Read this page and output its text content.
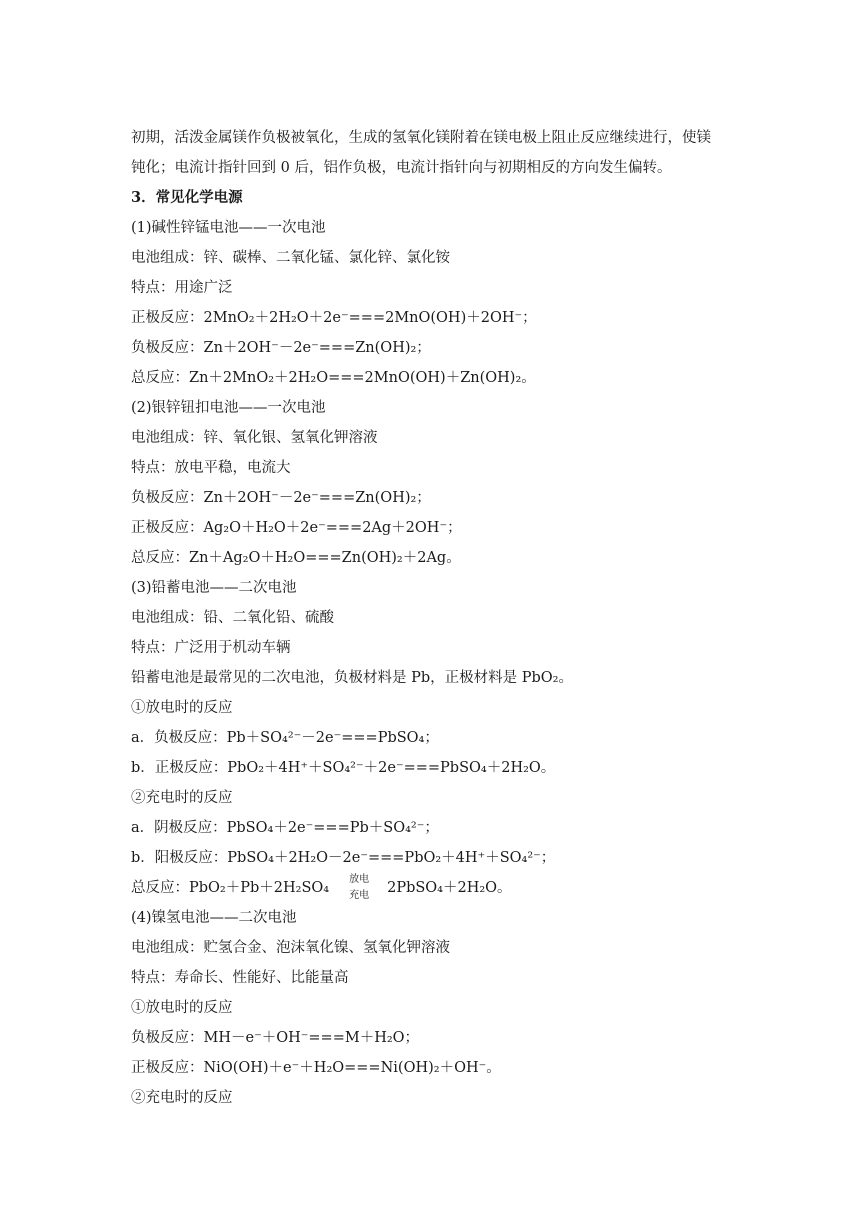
初期，活泼金属镁作负极被氧化，生成的氢氧化镁附着在镁电极上阻止反应继续进行，使镁
钝化；电流计指针回到 0 后，铝作负极，电流计指针向与初期相反的方向发生偏转。
3．常见化学电源
(1)碱性锌锰电池——一次电池
电池组成：锌、碳棒、二氧化锰、氯化锌、氯化铵
特点：用途广泛
正极反应：2MnO₂＋2H₂O＋2e⁻===2MnO(OH)＋2OH⁻；
负极反应：Zn＋2OH⁻－2e⁻===Zn(OH)₂；
总反应：Zn＋2MnO₂＋2H₂O===2MnO(OH)＋Zn(OH)₂。
(2)银锌钮扣电池——一次电池
电池组成：锌、氧化银、氢氧化钾溶液
特点：放电平稳，电流大
负极反应：Zn＋2OH⁻－2e⁻===Zn(OH)₂；
正极反应：Ag₂O＋H₂O＋2e⁻===2Ag＋2OH⁻；
总反应：Zn＋Ag₂O＋H₂O===Zn(OH)₂＋2Ag。
(3)铅蓄电池——二次电池
电池组成：铅、二氧化铅、硫酸
特点：广泛用于机动车辆
铅蓄电池是最常见的二次电池，负极材料是 Pb，正极材料是 PbO₂。
①放电时的反应
a．负极反应：Pb＋SO₄²⁻－2e⁻===PbSO₄；
b．正极反应：PbO₂＋4H⁺＋SO₄²⁻＋2e⁻===PbSO₄＋2H₂O。
②充电时的反应
a．阴极反应：PbSO₄＋2e⁻===Pb＋SO₄²⁻；
b．阳极反应：PbSO₄＋2H₂O－2e⁻===PbO₂＋4H⁺＋SO₄²⁻；
总反应：PbO₂＋Pb＋2H₂SO₄
放电
充电 2PbSO₄＋2H₂O。
(4)镍氢电池——二次电池
电池组成：贮氢合金、泡沫氧化镍、氢氧化钾溶液
特点：寿命长、性能好、比能量高
①放电时的反应
负极反应：MH－e⁻＋OH⁻===M＋H₂O；
正极反应：NiO(OH)＋e⁻＋H₂O===Ni(OH)₂＋OH⁻。
②充电时的反应
